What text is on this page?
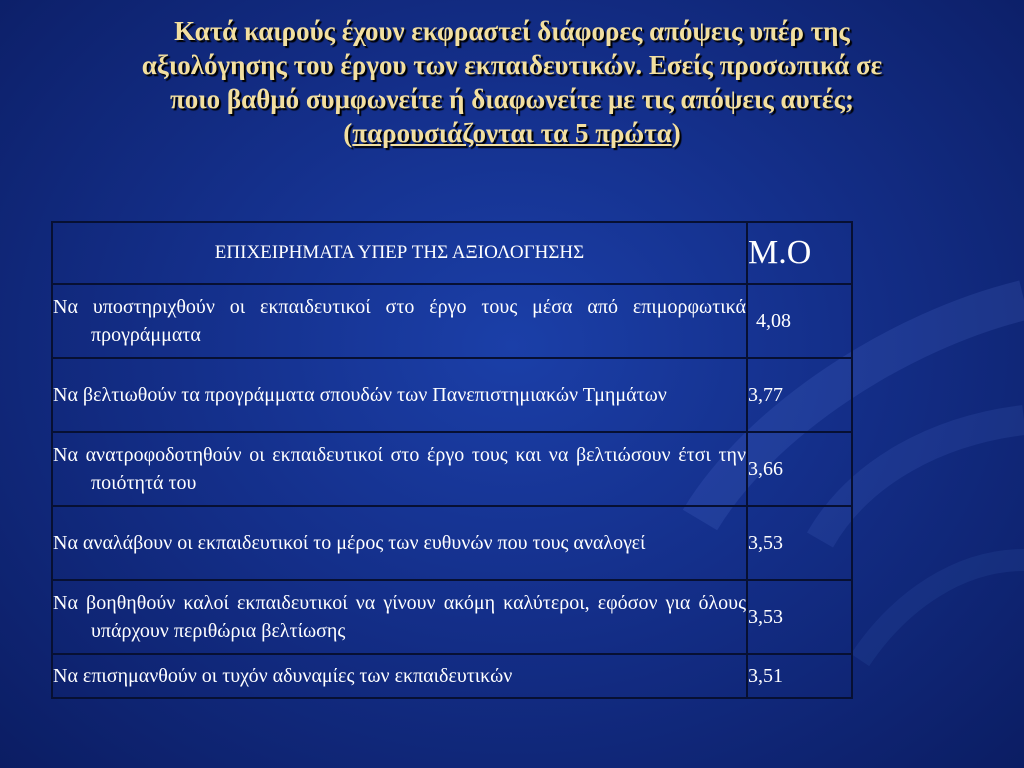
Κατά καιρούς έχουν εκφραστεί διάφορες απόψεις υπέρ της
αξιολόγησης του έργου των εκπαιδευτικών. Εσείς προσωπικά σε
ποιο βαθμό συμφωνείτε ή διαφωνείτε με τις απόψεις αυτές;
(παρουσιάζονται τα 5 πρώτα)
ΕΠΙΧΕΙΡΗΜΑΤΑ ΥΠΕΡ ΤΗΣ ΑΞΙΟΛΟΓΗΣΗΣ	Μ.Ο

Να υποστηριχθούν οι εκπαιδευτικοί στο έργο τους μέσα από επιμορφωτικά προγράμματα	4,08

Να βελτιωθούν τα προγράμματα σπουδών των Πανεπιστημιακών Τμημάτων	3,77

Να ανατροφοδοτηθούν οι εκπαιδευτικοί στο έργο τους και να βελτιώσουν έτσι την ποιότητά του	3,66

Να αναλάβουν οι εκπαιδευτικοί το μέρος των ευθυνών που τους αναλογεί	3,53

Να βοηθηθούν καλοί εκπαιδευτικοί να γίνουν ακόμη καλύτεροι, εφόσον για όλους υπάρχουν περιθώρια βελτίωσης	3,53

Να επισημανθούν οι τυχόν αδυναμίες των εκπαιδευτικών	3,51
